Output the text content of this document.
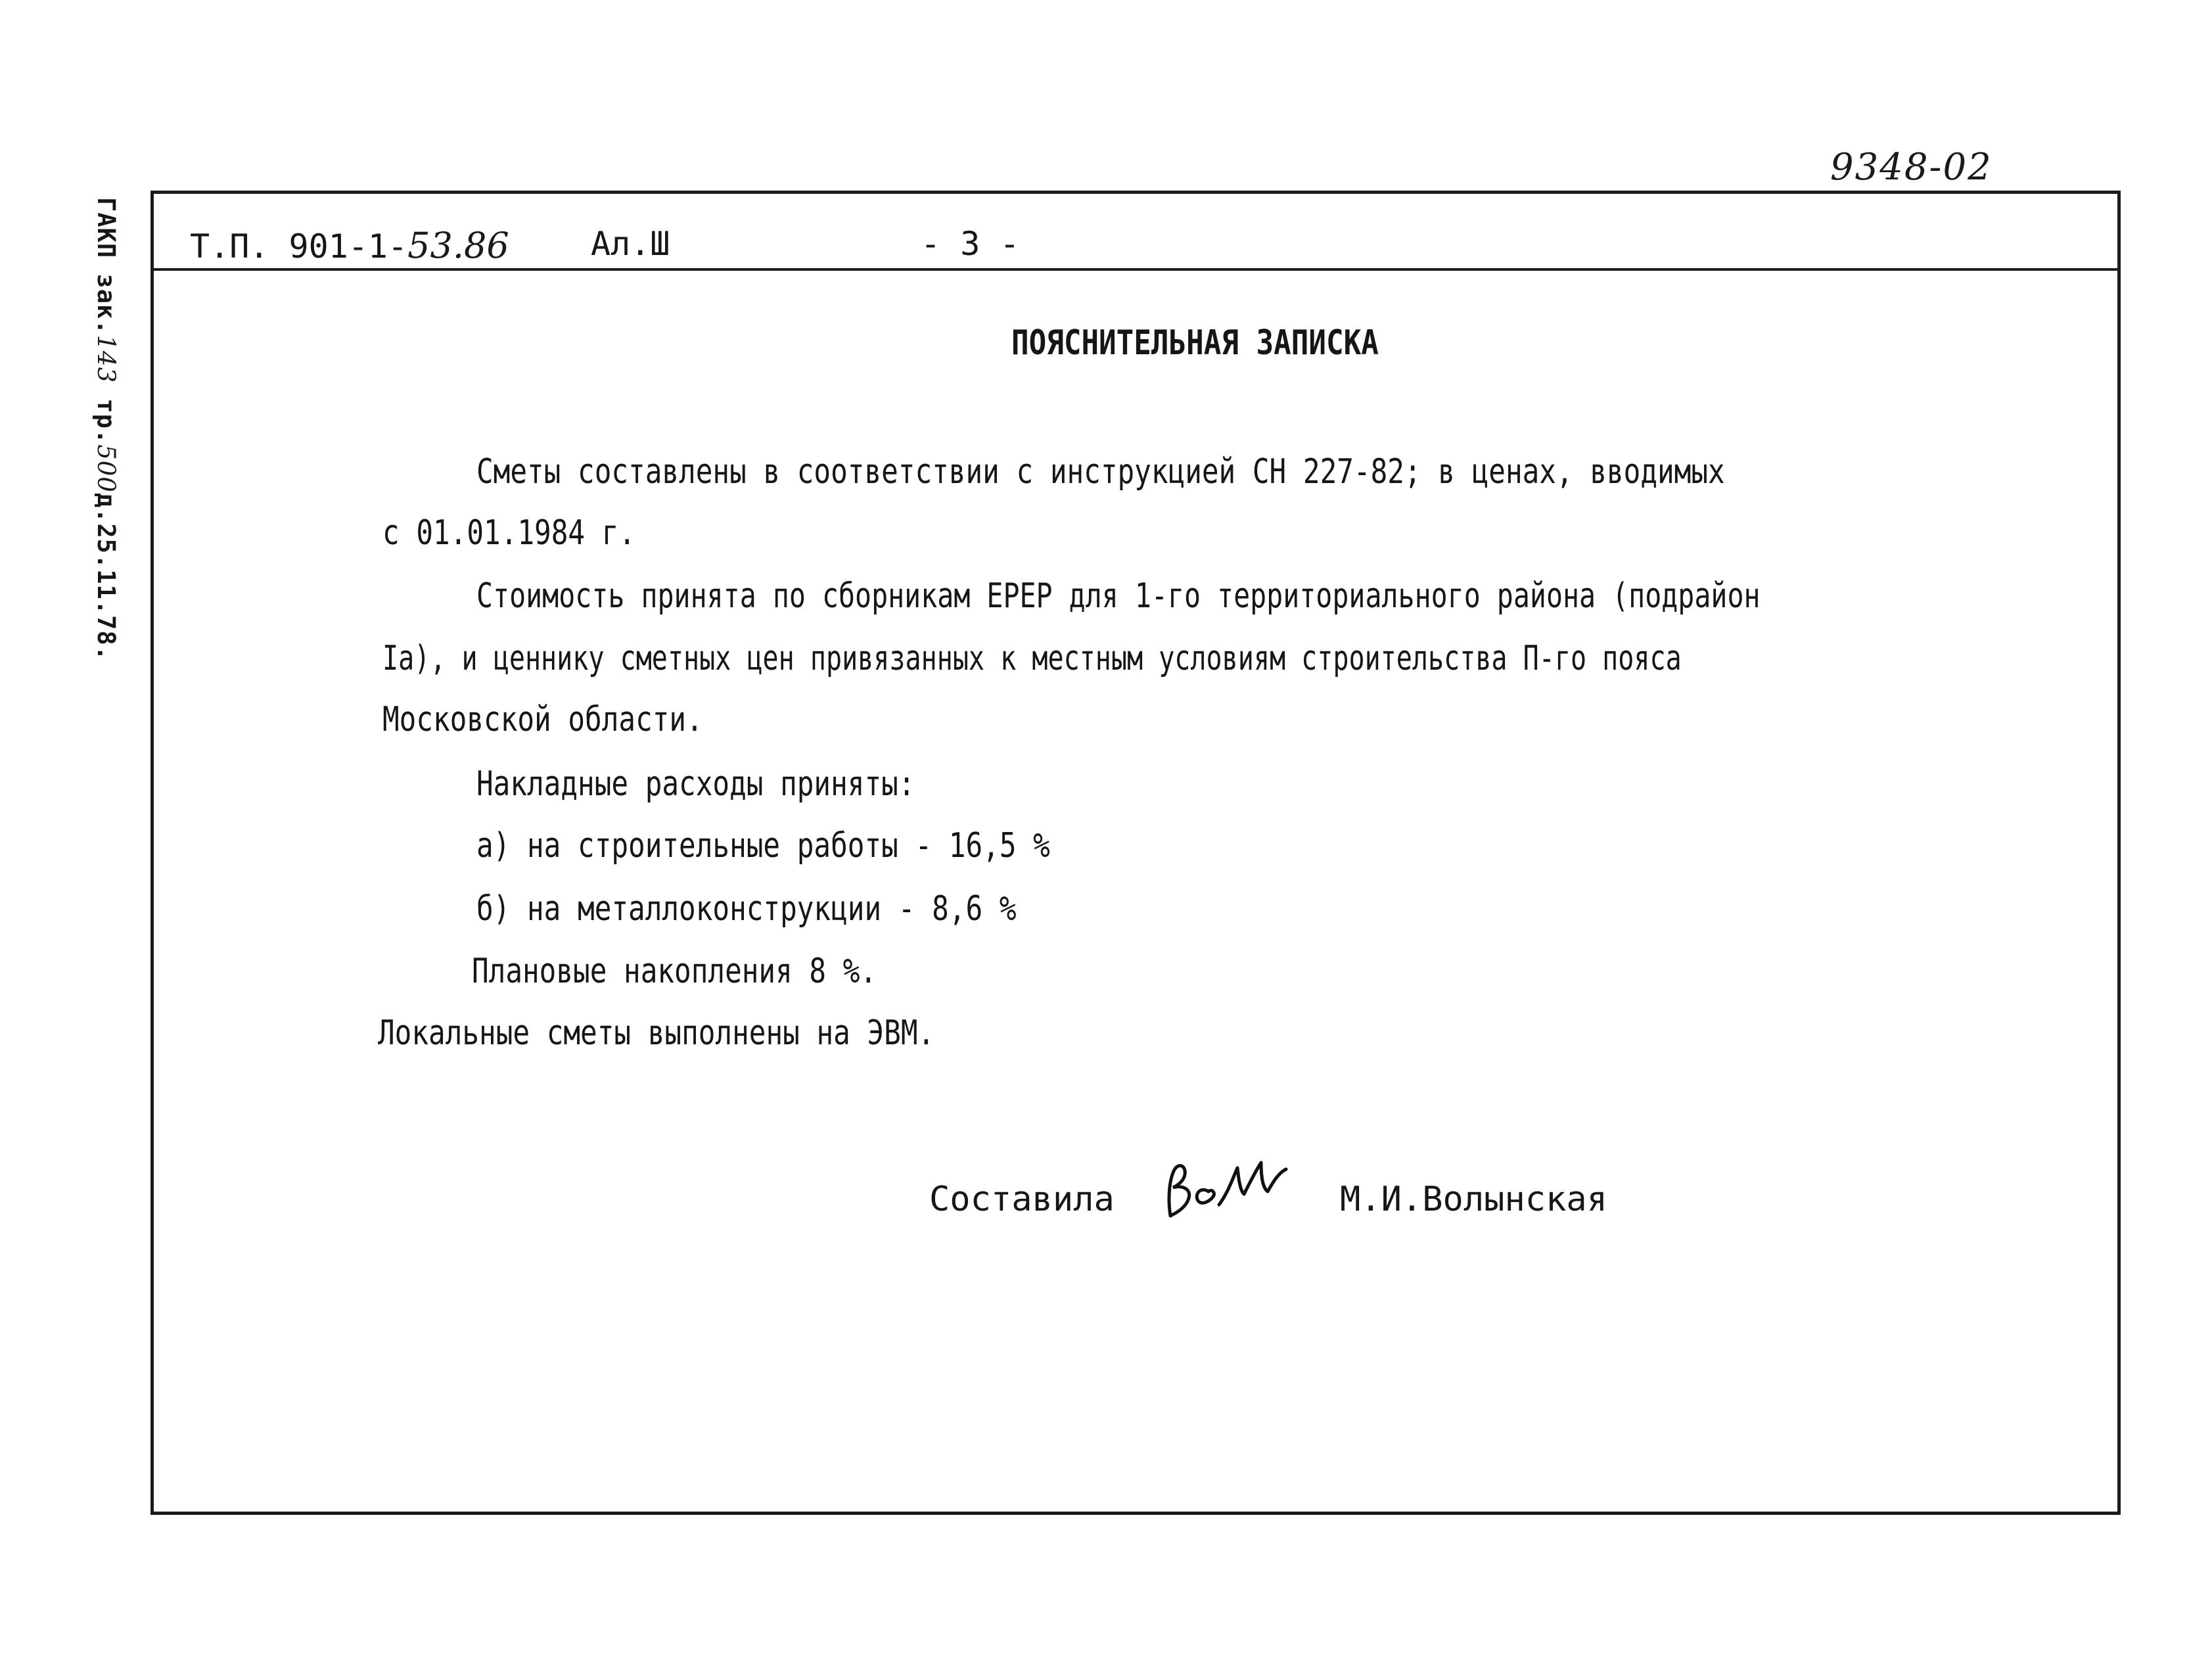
9348-02
ГАКП зак.143 тр.500д.25.11.78.
Т.П. 901-1-53.86 Ал.Ш	- 3 -
ПОЯСНИТЕЛЬНАЯ ЗАПИСКА
Сметы составлены в соответствии с инструкцией СН 227-82; в ценах, вводимых
с 01.01.1984 г.
Стоимость принята по сборникам ЕРЕР для 1-го территориального района (подрайон
Iа), и ценнику сметных цен привязанных к местным условиям строительства П-го пояса
Московской области.
Накладные расходы приняты:
а) на строительные работы - 16,5 %
б) на металлоконструкции - 8,6 %
Плановые накопления 8 %.
Локальные сметы выполнены на ЭВМ.
Составила	М.И.Волынская
